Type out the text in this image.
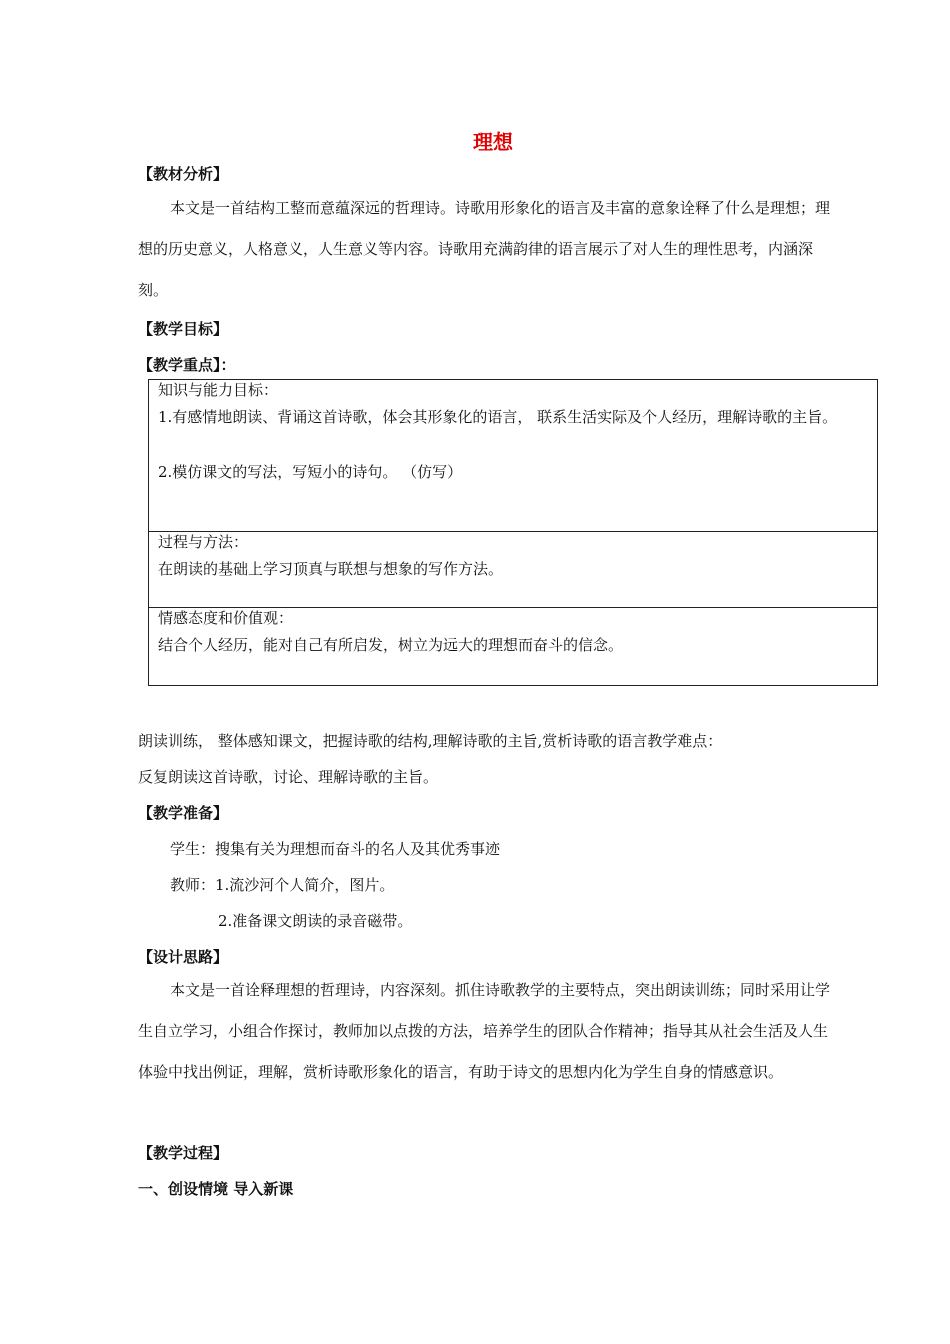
理想
【教材分析】

本文是一首结构工整而意蕴深远的哲理诗。诗歌用形象化的语言及丰富的意象诠释了什么是理想；理想的历史意义，人格意义，人生意义等内容。诗歌用充满韵律的语言展示了对人生的理性思考，内涵深刻。

【教学目标】
【教学重点】：

知识与能力目标：

1.有感情地朗读、背诵这首诗歌，体会其形象化的语言， 联系生活实际及个人经历，理解诗歌的主旨。

2.模仿课文的写法，写短小的诗句。 （仿写）

过程与方法：

在朗读的基础上学习顶真与联想与想象的写作方法。

情感态度和价值观：

结合个人经历，能对自己有所启发，树立为远大的理想而奋斗的信念。

朗读训练， 整体感知课文，把握诗歌的结构,理解诗歌的主旨,赏析诗歌的语言教学难点：
反复朗读这首诗歌，讨论、理解诗歌的主旨。
【教学准备】
学生：搜集有关为理想而奋斗的名人及其优秀事迹
教师：1.流沙河个人简介，图片。
2.准备课文朗读的录音磁带。
【设计思路】

本文是一首诠释理想的哲理诗，内容深刻。抓住诗歌教学的主要特点，突出朗读训练；同时采用让学生自立学习，小组合作探讨，教师加以点拨的方法，培养学生的团队合作精神；指导其从社会生活及人生体验中找出例证，理解，赏析诗歌形象化的语言，有助于诗文的思想内化为学生自身的情感意识。

【教学过程】
一、创设情境 导入新课
